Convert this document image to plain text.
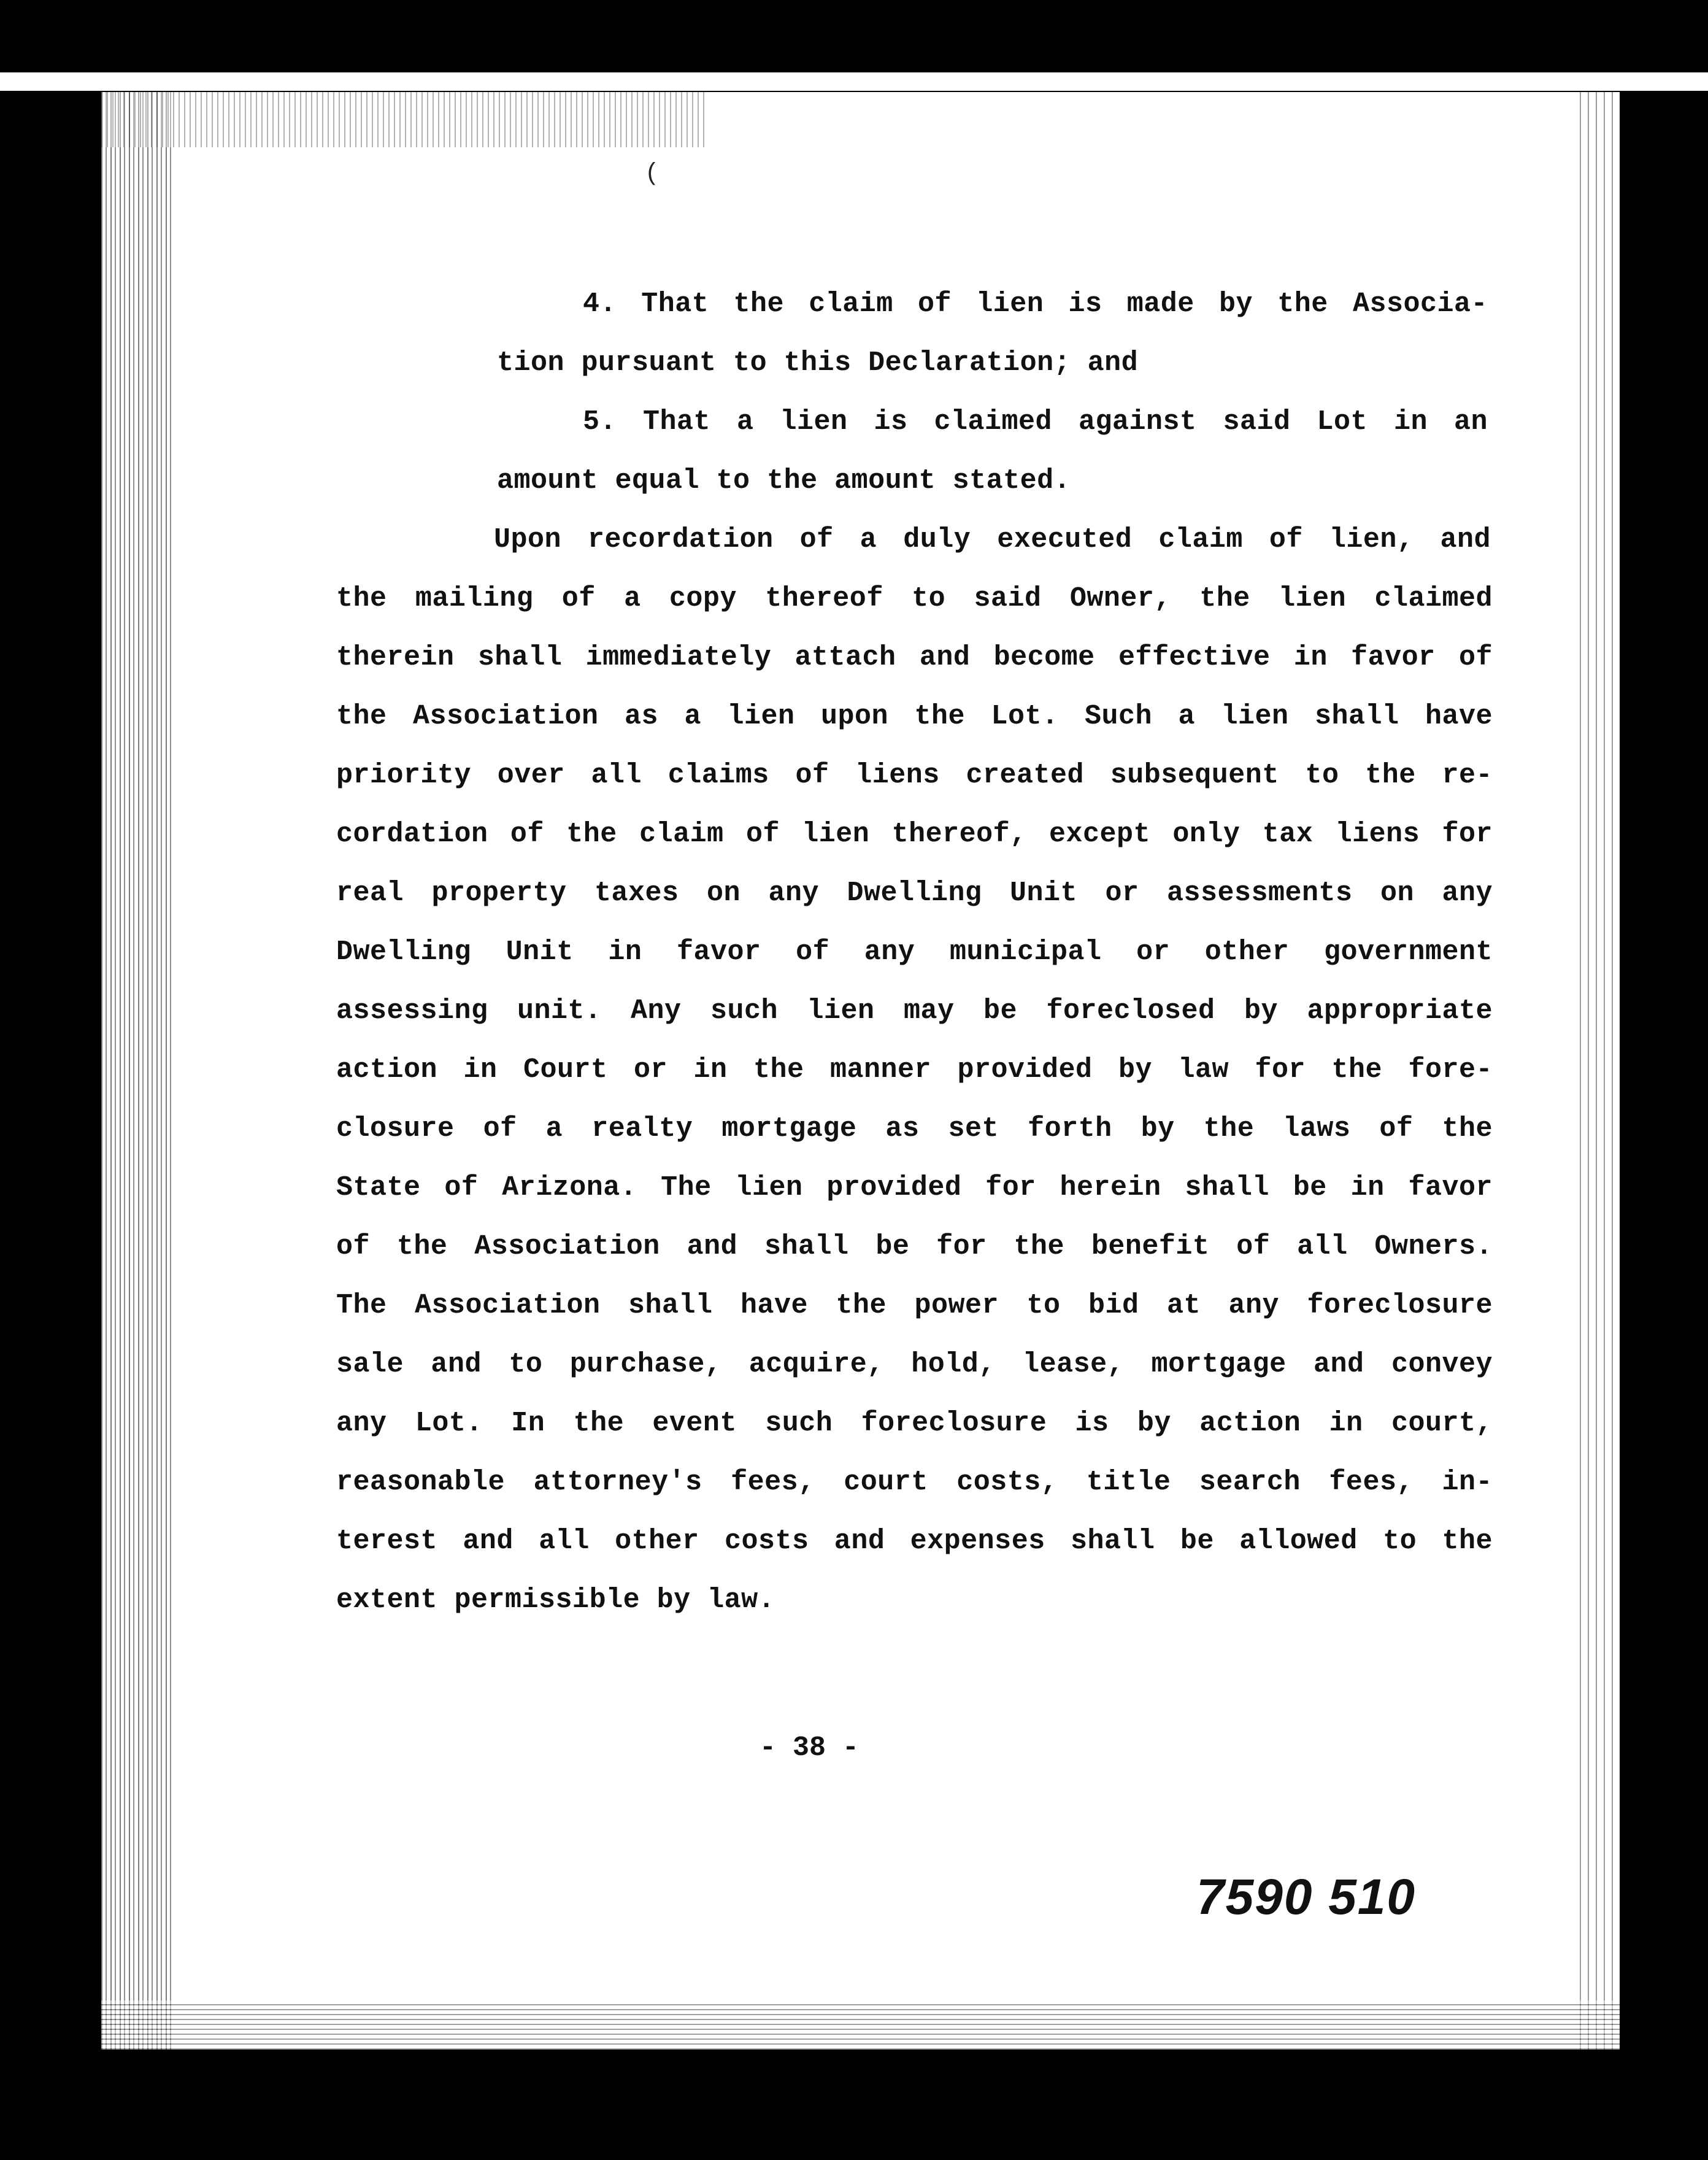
(
4. That the claim of lien is made by the Associa-
tion pursuant to this Declaration; and
5. That a lien is claimed against said Lot in an
amount equal to the amount stated.
Upon recordation of a duly executed claim of lien, and
the mailing of a copy thereof to said Owner, the lien claimed
therein shall immediately attach and become effective in favor of
the Association as a lien upon the Lot. Such a lien shall have
priority over all claims of liens created subsequent to the re-
cordation of the claim of lien thereof, except only tax liens for
real property taxes on any Dwelling Unit or assessments on any
Dwelling Unit in favor of any municipal or other government
assessing unit. Any such lien may be foreclosed by appropriate
action in Court or in the manner provided by law for the fore-
closure of a realty mortgage as set forth by the laws of the
State of Arizona. The lien provided for herein shall be in favor
of the Association and shall be for the benefit of all Owners.
The Association shall have the power to bid at any foreclosure
sale and to purchase, acquire, hold, lease, mortgage and convey
any Lot. In the event such foreclosure is by action in court,
reasonable attorney's fees, court costs, title search fees, in-
terest and all other costs and expenses shall be allowed to the
extent permissible by law.
- 38 -
7590 510
